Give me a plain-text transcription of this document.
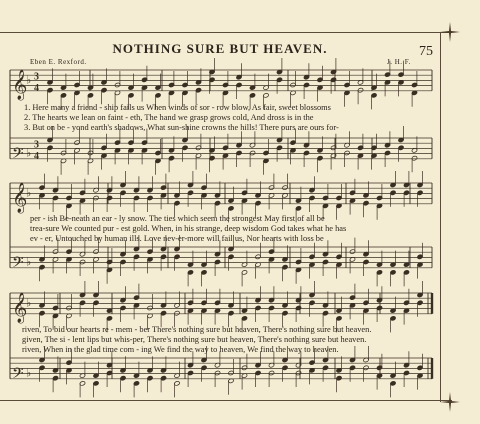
NOTHING SURE BUT HEAVEN.	75
Eben E. Rexford.	J. H. F.
𝄞
♭ 3
4
𝄢 ♭
3
4
𝄞
♭
𝄢 ♭
𝄞
♭
𝄢 ♭
1. Here many a friend - ship fails us When winds of sor - row blow, As fair, sweet blossoms
2. The hearts we lean on faint - eth, The hand we grasp grows cold, And dross is in the
3. But on be - yond earth's shadows, What sun-shine crowns the hills! There ours are ours for-
per - ish Be-neath an ear - ly snow. The ties which seem the strongest May first of all be
trea-sure We counted pur - est gold. When, in his strange, deep wisdom God takes what he has
ev - er, Untouched by human ills. Love nev-er-more will fail us, Nor hearts with loss be
riven, To bid our hearts re - mem - ber There's nothing sure but heaven, There's nothing sure but heaven.
given, The si - lent lips but whis-per, There's nothing sure but heaven, There's nothing sure but heaven.
riven, When in the glad time com - ing We find the way to heaven, We find the way to heaven.
